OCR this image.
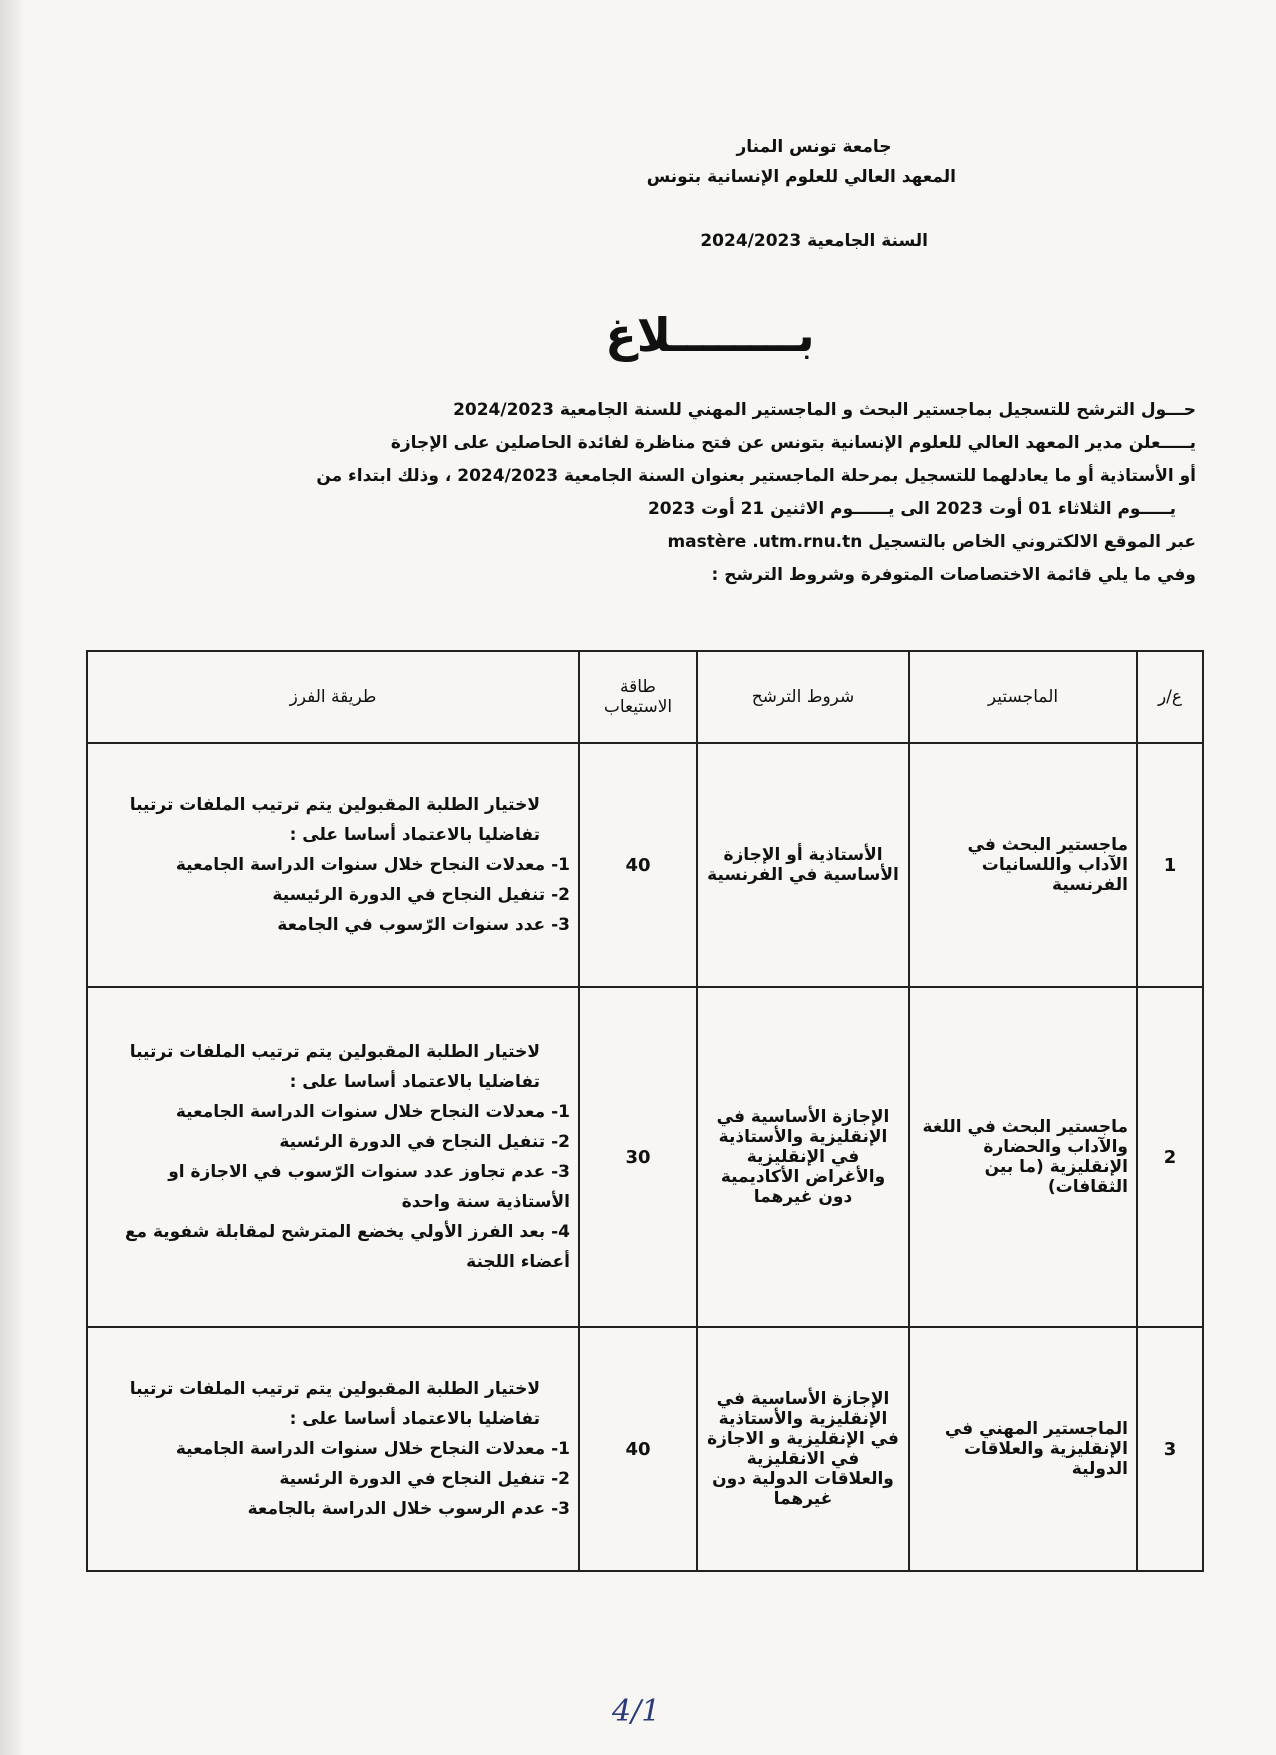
جامعة تونس المنار
المعهد العالي للعلوم الإنسانية بتونس
السنة الجامعية 2024/2023
بــــــــلاغ

حـــول الترشح للتسجيل بماجستير البحث و الماجستير المهني للسنة الجامعية 2024/2023

يـــــعلن مدير المعهد العالي للعلوم الإنسانية بتونس عن فتح مناظرة لفائدة الحاصلين على الإجازة

أو الأستاذية أو ما يعادلهما للتسجيل بمرحلة الماجستير بعنوان السنة الجامعية 2024/2023 ، وذلك ابتداء من

يـــــوم الثلاثاء 01 أوت 2023 الى يــــــوم الاثنين 21 أوت 2023

عبر الموقع الالكتروني الخاص بالتسجيل mastère .utm.rnu.tn

وفي ما يلي قائمة الاختصاصات المتوفرة وشروط الترشح :

ع/ر	الماجستير	شروط الترشح	طاقة الاستيعاب	طريقة الفرز
1	ماجستير البحث في الآداب واللسانيات الفرنسية	الأستاذية أو الإجازة الأساسية في الفرنسية	40	لاختيار الطلبة المقبولين يتم ترتيب الملفات ترتيبا تفاضليا بالاعتماد أساسا على :

1- معدلات النجاح خلال سنوات الدراسة الجامعية

2- تنفيل النجاح في الدورة الرئيسية

3- عدد سنوات الرّسوب في الجامعة

2	ماجستير البحث في اللغة والآداب والحضارة الإنقليزية (ما بين الثقافات)	الإجازة الأساسية في الإنقليزية والأستاذية في الإنقليزية والأغراض الأكاديمية دون غيرهما	30	لاختيار الطلبة المقبولين يتم ترتيب الملفات ترتيبا تفاضليا بالاعتماد أساسا على :

1- معدلات النجاح خلال سنوات الدراسة الجامعية

2- تنفيل النجاح في الدورة الرئسية

3- عدم تجاوز عدد سنوات الرّسوب في الاجازة او الأستاذية سنة واحدة

4- بعد الفرز الأولي يخضع المترشح لمقابلة شفوية مع أعضاء اللجنة

3	الماجستير المهني في الإنقليزية والعلاقات الدولية	الإجازة الأساسية في الإنقليزية والأستاذية في الإنقليزية و الاجازة في الانقليزية والعلاقات الدولية دون غيرهما	40	لاختيار الطلبة المقبولين يتم ترتيب الملفات ترتيبا تفاضليا بالاعتماد أساسا على :

1- معدلات النجاح خلال سنوات الدراسة الجامعية

2- تنفيل النجاح في الدورة الرئسية

3- عدم الرسوب خلال الدراسة بالجامعة

4/1
